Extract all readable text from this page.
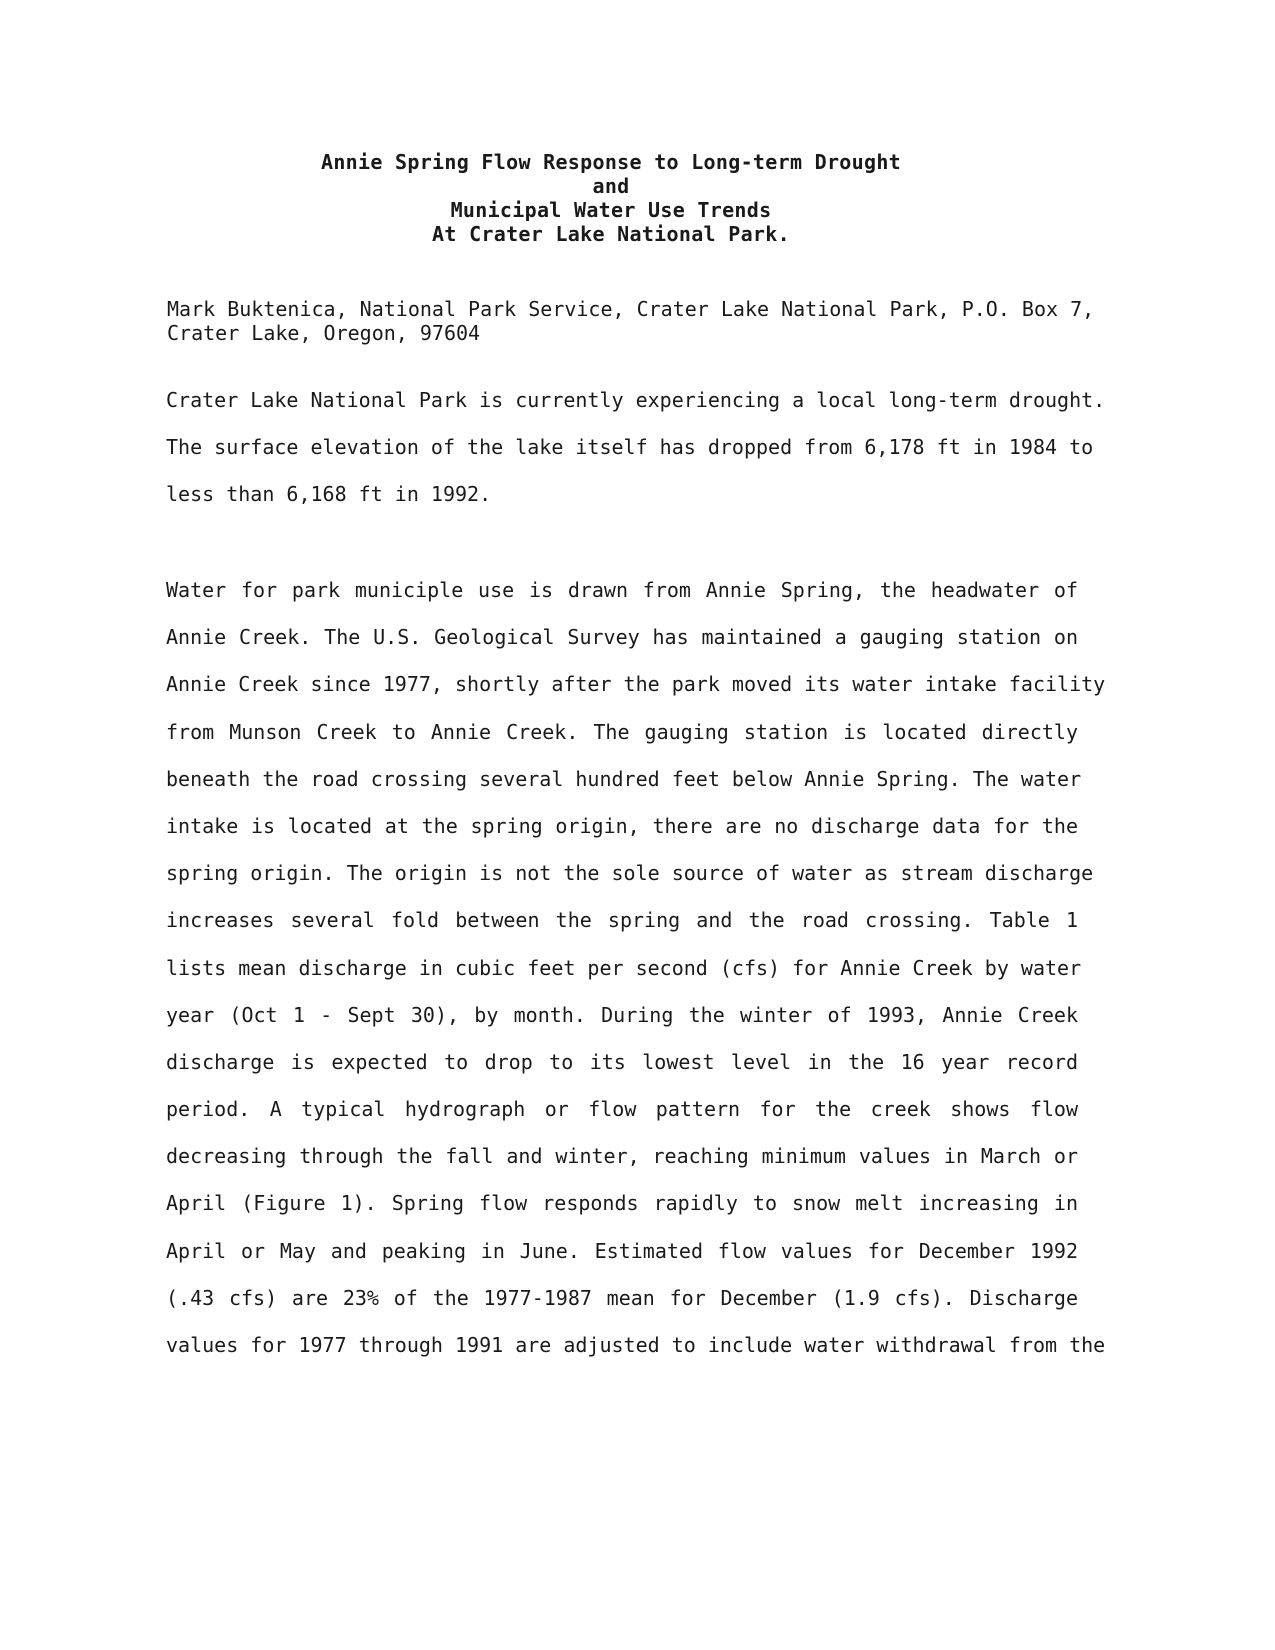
Annie Spring Flow Response to Long-term Drought
and
Municipal Water Use Trends
At Crater Lake National Park.
Mark Buktenica, National Park Service, Crater Lake National Park, P.O. Box 7,
Crater Lake, Oregon, 97604
Crater Lake National Park is currently experiencing a local long-term drought.
The surface elevation of the lake itself has dropped from 6,178 ft in 1984 to
less than 6,168 ft in 1992.
Water for park municiple use is drawn from Annie Spring, the headwater of
Annie Creek. The U.S. Geological Survey has maintained a gauging station on
Annie Creek since 1977, shortly after the park moved its water intake facility
from Munson Creek to Annie Creek. The gauging station is located directly
beneath the road crossing several hundred feet below Annie Spring. The water
intake is located at the spring origin, there are no discharge data for the
spring origin. The origin is not the sole source of water as stream discharge
increases several fold between the spring and the road crossing. Table 1
lists mean discharge in cubic feet per second (cfs) for Annie Creek by water
year (Oct 1 - Sept 30), by month. During the winter of 1993, Annie Creek
discharge is expected to drop to its lowest level in the 16 year record
period. A typical hydrograph or flow pattern for the creek shows flow
decreasing through the fall and winter, reaching minimum values in March or
April (Figure 1). Spring flow responds rapidly to snow melt increasing in
April or May and peaking in June. Estimated flow values for December 1992
(.43 cfs) are 23% of the 1977-1987 mean for December (1.9 cfs). Discharge
values for 1977 through 1991 are adjusted to include water withdrawal from the
